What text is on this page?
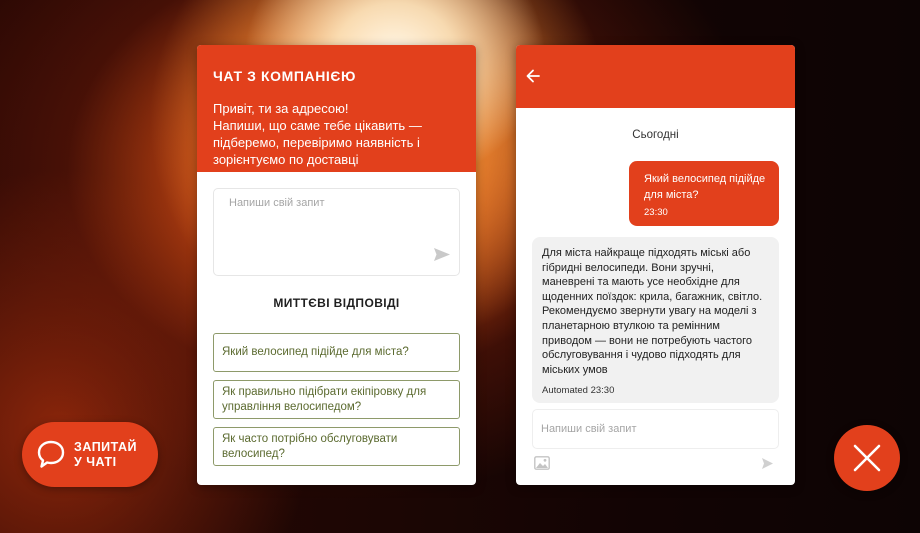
ЧАТ З КОМПАНІЄЮ
Привіт, ти за адресою!
Напиши, що саме тебе цікавить — підберемо, перевіримо наявність і зорієнтуємо по доставці
Напиши свій запит
МИТТЄВІ ВІДПОВІДІ
Який велосипед підійде для міста?
Як правильно підібрати екіпіровку для управління велосипедом?
Як часто потрібно обслуговувати велосипед?
Сьогодні
Який велосипед підійде для міста?
23:30
Для міста найкраще підходять міські або гібридні велосипеди. Вони зручні, маневрені та мають усе необхідне для щоденних поїздок: крила, багажник, світло. Рекомендуємо звернути увагу на моделі з планетарною втулкою та ремінним приводом — вони не потребують частого обслуговування і чудово підходять для міських умов
Automated 23:30
Напиши свій запит
ЗАПИТАЙ
У ЧАТІ
